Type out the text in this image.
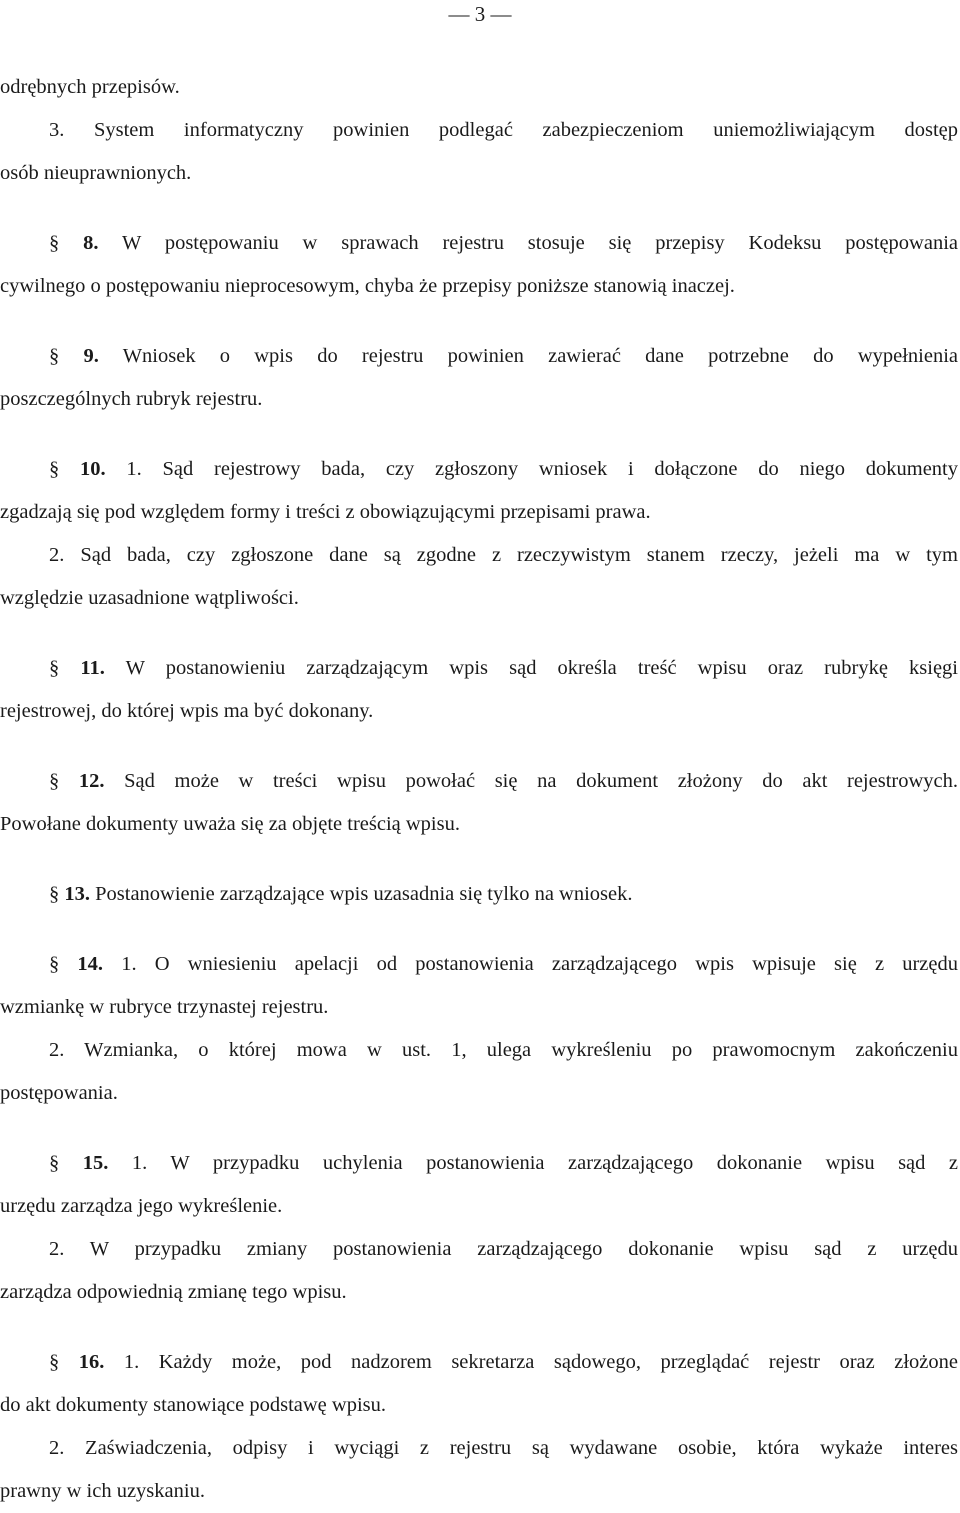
— 3 —

odrębnych przepisów.

3. System informatyczny powinien podlegać zabezpieczeniom uniemożliwiającym dostęp
osób nieuprawnionych.

§ 8. W postępowaniu w sprawach rejestru stosuje się przepisy Kodeksu postępowania
cywilnego o postępowaniu nieprocesowym, chyba że przepisy poniższe stanowią inaczej.

§ 9. Wniosek o wpis do rejestru powinien zawierać dane potrzebne do wypełnienia
poszczególnych rubryk rejestru.

§ 10. 1. Sąd rejestrowy bada, czy zgłoszony wniosek i dołączone do niego dokumenty
zgadzają się pod względem formy i treści z obowiązującymi przepisami prawa.

2. Sąd bada, czy zgłoszone dane są zgodne z rzeczywistym stanem rzeczy, jeżeli ma w tym
względzie uzasadnione wątpliwości.

§ 11. W postanowieniu zarządzającym wpis sąd określa treść wpisu oraz rubrykę księgi
rejestrowej, do której wpis ma być dokonany.

§ 12. Sąd może w treści wpisu powołać się na dokument złożony do akt rejestrowych.
Powołane dokumenty uważa się za objęte treścią wpisu.

§ 13. Postanowienie zarządzające wpis uzasadnia się tylko na wniosek.

§ 14. 1. O wniesieniu apelacji od postanowienia zarządzającego wpis wpisuje się z urzędu
wzmiankę w rubryce trzynastej rejestru.

2. Wzmianka, o której mowa w ust. 1, ulega wykreśleniu po prawomocnym zakończeniu
postępowania.

§ 15. 1. W przypadku uchylenia postanowienia zarządzającego dokonanie wpisu sąd z
urzędu zarządza jego wykreślenie.

2. W przypadku zmiany postanowienia zarządzającego dokonanie wpisu sąd z urzędu
zarządza odpowiednią zmianę tego wpisu.

§ 16. 1. Każdy może, pod nadzorem sekretarza sądowego, przeglądać rejestr oraz złożone
do akt dokumenty stanowiące podstawę wpisu.

2. Zaświadczenia, odpisy i wyciągi z rejestru są wydawane osobie, która wykaże interes
prawny w ich uzyskaniu.
